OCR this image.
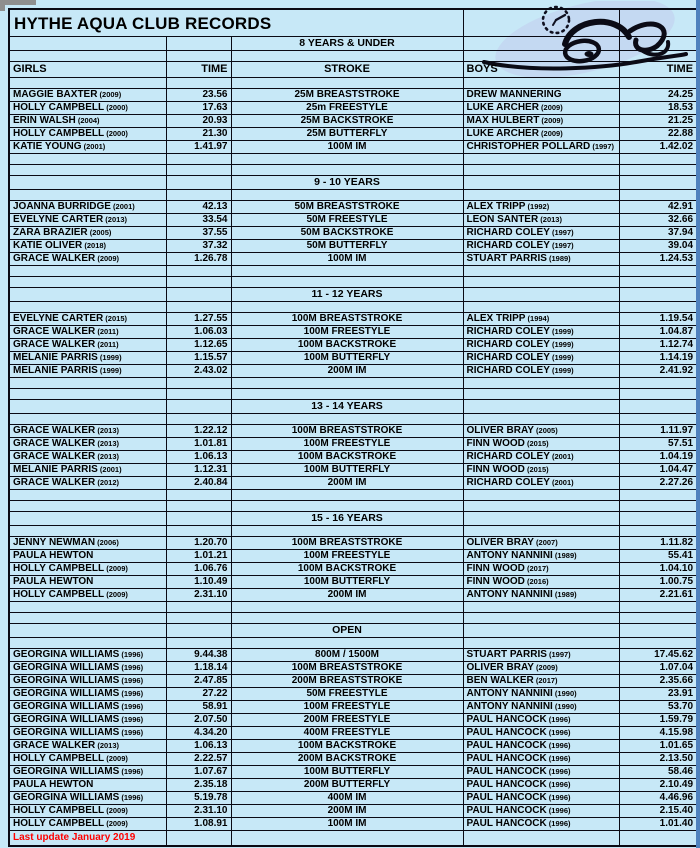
HYTHE AQUA CLUB RECORDS				
		8 YEARS & UNDER		

GIRLS	TIME	STROKE	BOYS	TIME

MAGGIE BAXTER (2009)	23.56	25M BREASTSTROKE	DREW MANNERING	24.25
HOLLY CAMPBELL (2000)	17.63	25m FREESTYLE	LUKE ARCHER (2009)	18.53
ERIN WALSH (2004)	20.93	25M BACKSTROKE	MAX HULBERT (2009)	21.25
HOLLY CAMPBELL (2000)	21.30	25M BUTTERFLY	LUKE ARCHER (2009)	22.88
KATIE YOUNG (2001)	1.41.97	100M IM	CHRISTOPHER POLLARD (1997)	1.42.02

		9 - 10 YEARS		

JOANNA BURRIDGE (2001)	42.13	50M BREASTSTROKE	ALEX TRIPP (1992)	42.91
EVELYNE CARTER (2013)	33.54	50M FREESTYLE	LEON SANTER (2013)	32.66
ZARA BRAZIER (2005)	37.55	50M BACKSTROKE	RICHARD COLEY (1997)	37.94
KATIE OLIVER (2018)	37.32	50M BUTTERFLY	RICHARD COLEY (1997)	39.04
GRACE WALKER (2009)	1.26.78	100M IM	STUART PARRIS (1989)	1.24.53

		11 - 12 YEARS		

EVELYNE CARTER (2015)	1.27.55	100M BREASTSTROKE	ALEX TRIPP (1994)	1.19.54
GRACE WALKER (2011)	1.06.03	100M FREESTYLE	RICHARD COLEY (1999)	1.04.87
GRACE WALKER (2011)	1.12.65	100M BACKSTROKE	RICHARD COLEY (1999)	1.12.74
MELANIE PARRIS (1999)	1.15.57	100M BUTTERFLY	RICHARD COLEY (1999)	1.14.19
MELANIE PARRIS (1999)	2.43.02	200M IM	RICHARD COLEY (1999)	2.41.92

		13 - 14 YEARS		

GRACE WALKER (2013)	1.22.12	100M BREASTSTROKE	OLIVER BRAY (2005)	1.11.97
GRACE WALKER (2013)	1.01.81	100M FREESTYLE	FINN WOOD (2015)	57.51
GRACE WALKER (2013)	1.06.13	100M BACKSTROKE	RICHARD COLEY (2001)	1.04.19
MELANIE PARRIS (2001)	1.12.31	100M BUTTERFLY	FINN WOOD (2015)	1.04.47
GRACE WALKER (2012)	2.40.84	200M IM	RICHARD COLEY (2001)	2.27.26

		15 - 16 YEARS		

JENNY NEWMAN (2006)	1.20.70	100M BREASTSTROKE	OLIVER BRAY (2007)	1.11.82
PAULA HEWTON	1.01.21	100M FREESTYLE	ANTONY NANNINI (1989)	55.41
HOLLY CAMPBELL (2009)	1.06.76	100M BACKSTROKE	FINN WOOD (2017)	1.04.10
PAULA HEWTON	1.10.49	100M BUTTERFLY	FINN WOOD (2016)	1.00.75
HOLLY CAMPBELL (2009)	2.31.10	200M IM	ANTONY NANNINI (1989)	2.21.61

		OPEN		

GEORGINA WILLIAMS (1996)	9.44.38	800M / 1500M	STUART PARRIS (1997)	17.45.62
GEORGINA WILLIAMS (1996)	1.18.14	100M BREASTSTROKE	OLIVER BRAY (2009)	1.07.04
GEORGINA WILLIAMS (1996)	2.47.85	200M BREASTSTROKE	BEN WALKER (2017)	2.35.66
GEORGINA WILLIAMS (1996)	27.22	50M FREESTYLE	ANTONY NANNINI (1990)	23.91
GEORGINA WILLIAMS (1996)	58.91	100M FREESTYLE	ANTONY NANNINI (1990)	53.70
GEORGINA WILLIAMS (1996)	2.07.50	200M FREESTYLE	PAUL HANCOCK (1996)	1.59.79
GEORGINA WILLIAMS (1996)	4.34.20	400M FREESTYLE	PAUL HANCOCK (1996)	4.15.98
GRACE WALKER (2013)	1.06.13	100M BACKSTROKE	PAUL HANCOCK (1996)	1.01.65
HOLLY CAMPBELL (2009)	2.22.57	200M BACKSTROKE	PAUL HANCOCK (1996)	2.13.50
GEORGINA WILLIAMS (1996)	1.07.67	100M BUTTERFLY	PAUL HANCOCK (1996)	58.46
PAULA HEWTON	2.35.18	200M BUTTERFLY	PAUL HANCOCK (1996)	2.10.49
GEORGINA WILLIAMS (1996)	5.19.78	400M IM	PAUL HANCOCK (1996)	4.46.96
HOLLY CAMPBELL (2009)	2.31.10	200M IM	PAUL HANCOCK (1996)	2.15.40
HOLLY CAMPBELL (2009)	1.08.91	100M IM	PAUL HANCOCK (1996)	1.01.40
Last update January 2019				
